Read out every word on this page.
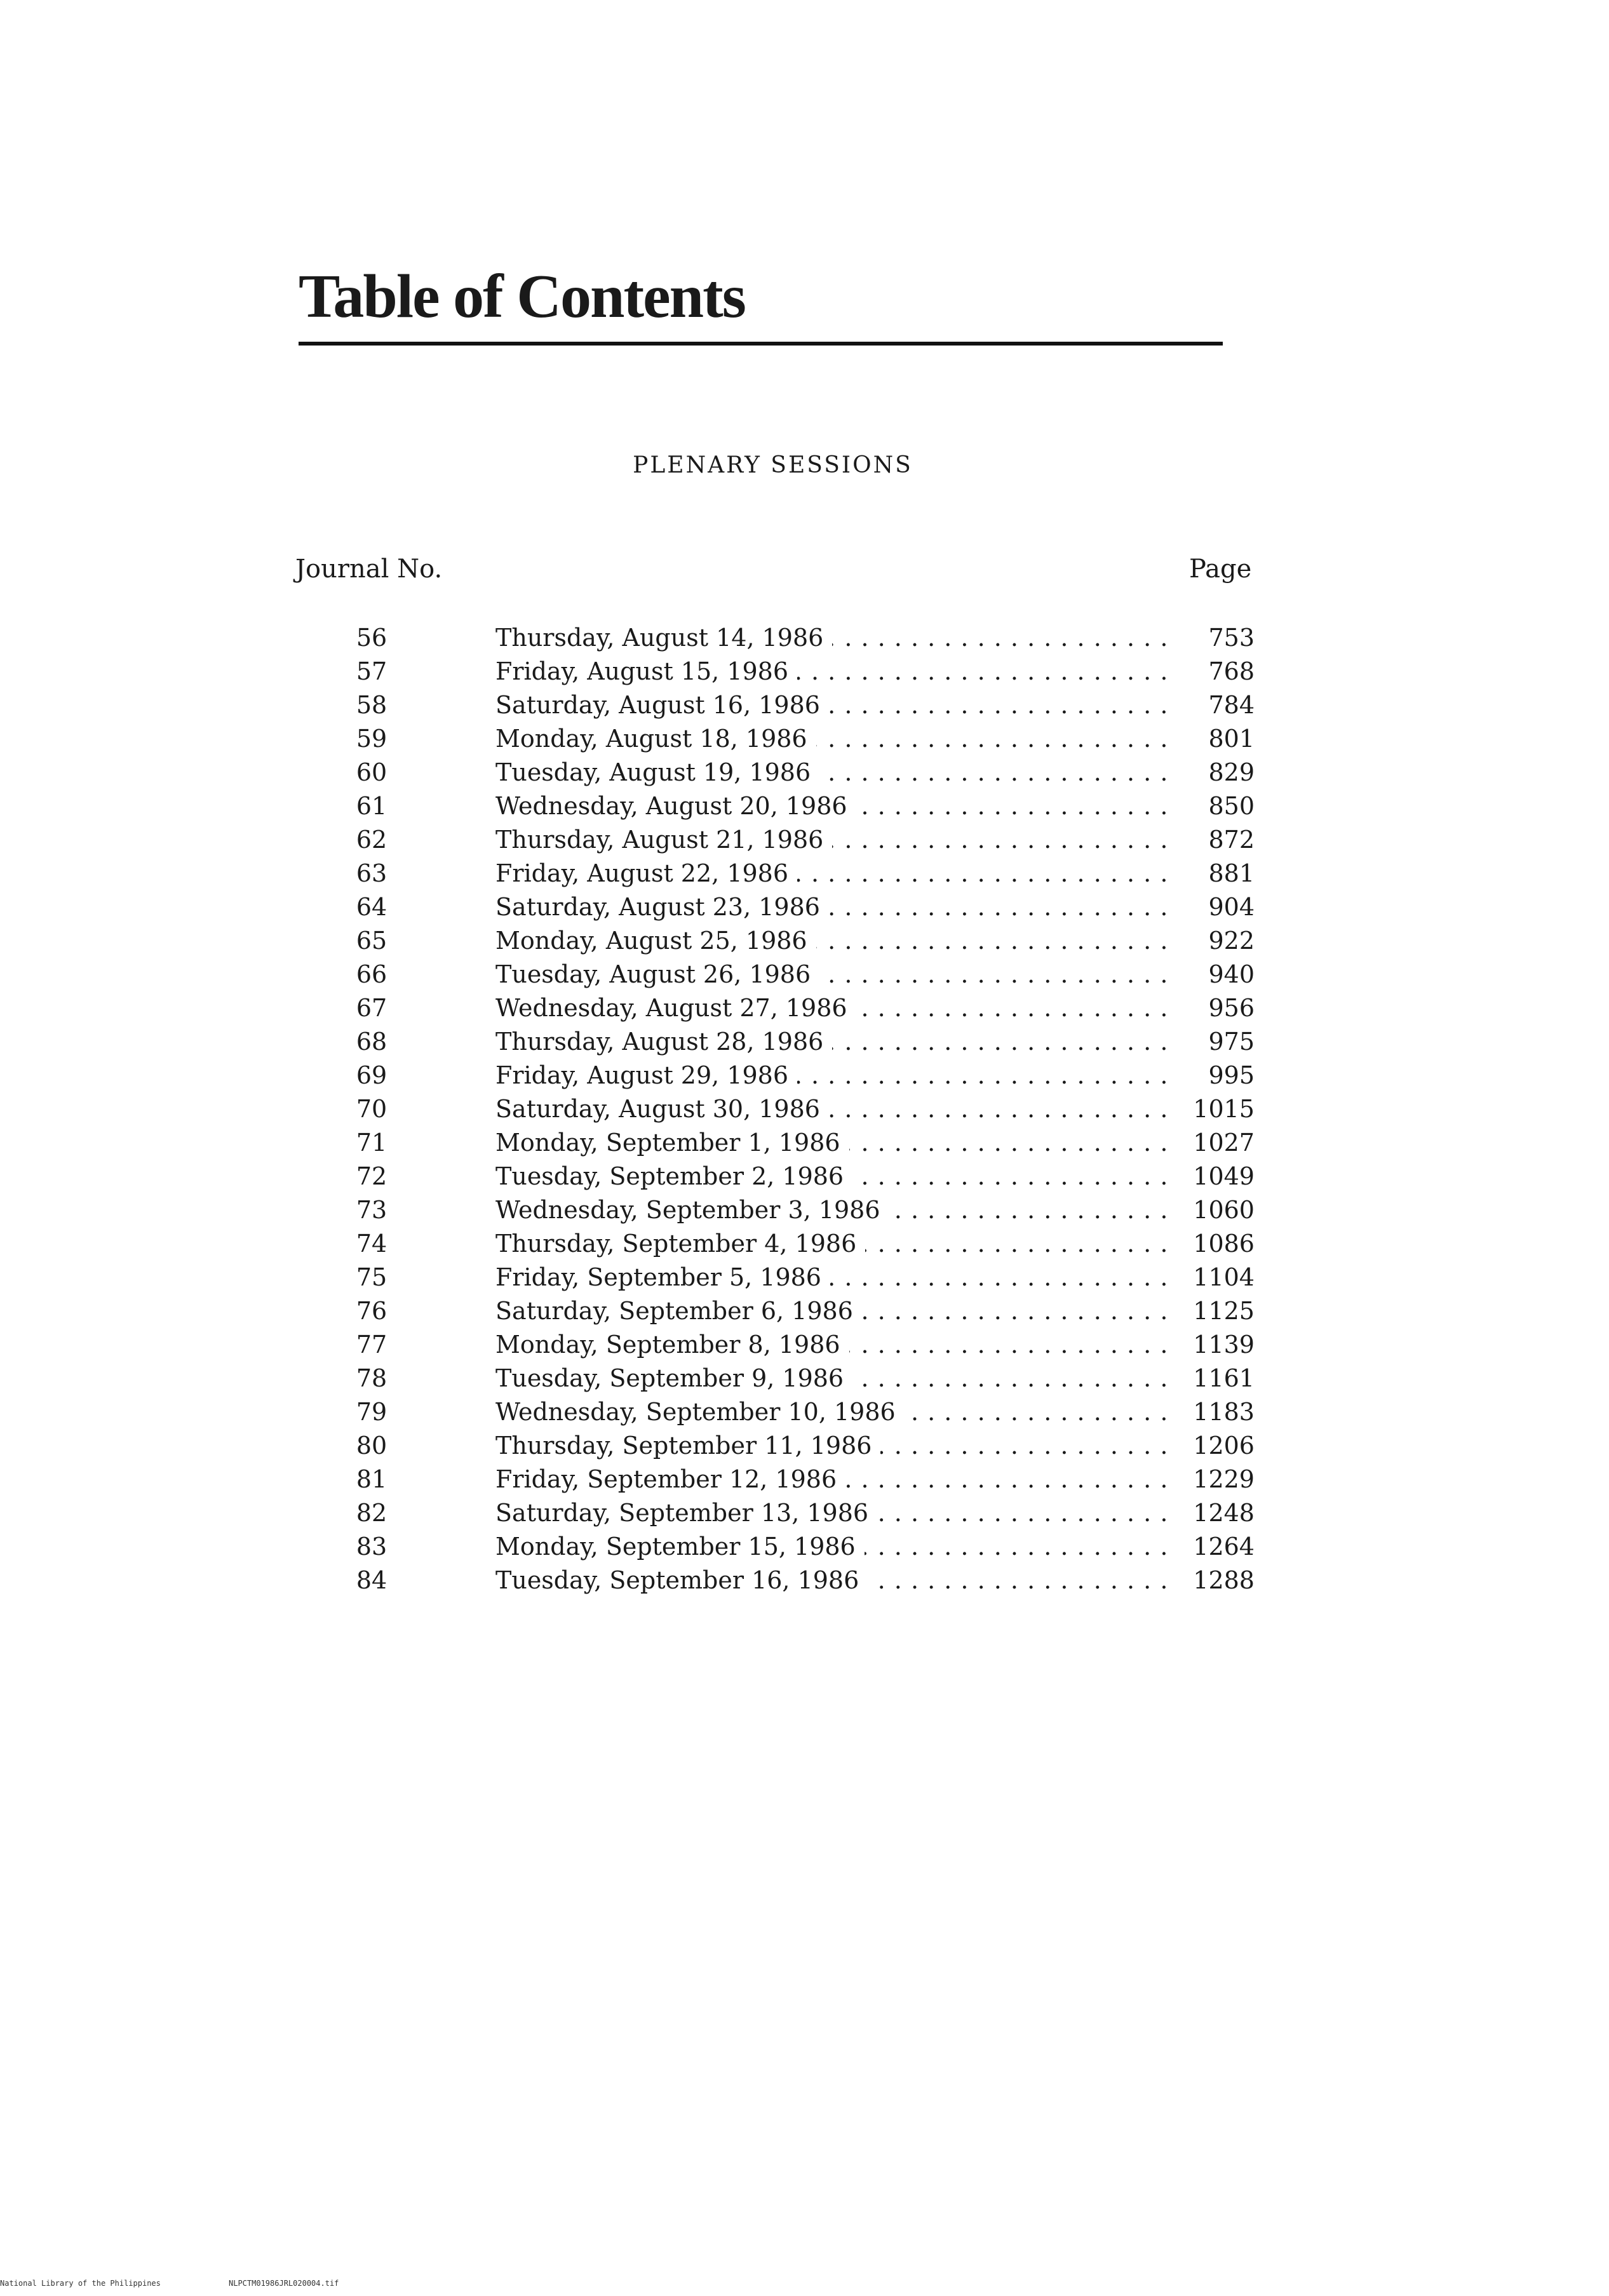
Table of Contents
PLENARY SESSIONS
Journal No.	Page
56	Thursday, August 14, 1986 . . .	753
57	Friday, August 15, 1986 . . .	768
58	Saturday, August 16, 1986 . . .	784
59	Monday, August 18, 1986 . . .	801
60	Tuesday, August 19, 1986 . . .	829
61	Wednesday, August 20, 1986 . . .	850
62	Thursday, August 21, 1986 . . .	872
63	Friday, August 22, 1986 . . .	881
64	Saturday, August 23, 1986 . . .	904
65	Monday, August 25, 1986 . . .	922
66	Tuesday, August 26, 1986 . . .	940
67	Wednesday, August 27, 1986 . . .	956
68	Thursday, August 28, 1986 . . .	975
69	Friday, August 29, 1986 . . .	995
70	Saturday, August 30, 1986 . . .	1015
71	Monday, September 1, 1986 . . .	1027
72	Tuesday, September 2, 1986 . . .	1049
73	Wednesday, September 3, 1986 . . .	1060
74	Thursday, September 4, 1986 . . .	1086
75	Friday, September 5, 1986 . . .	1104
76	Saturday, September 6, 1986 . . .	1125
77	Monday, September 8, 1986 . . .	1139
78	Tuesday, September 9, 1986 . . .	1161
79	Wednesday, September 10, 1986 . . .	1183
80	Thursday, September 11, 1986 . . .	1206
81	Friday, September 12, 1986 . . .	1229
82	Saturday, September 13, 1986 . . .	1248
83	Monday, September 15, 1986 . . .	1264
84	Tuesday, September 16, 1986 . . .	1288
National Library of the Philippines	NLPCTM01986JRL020004.tif
